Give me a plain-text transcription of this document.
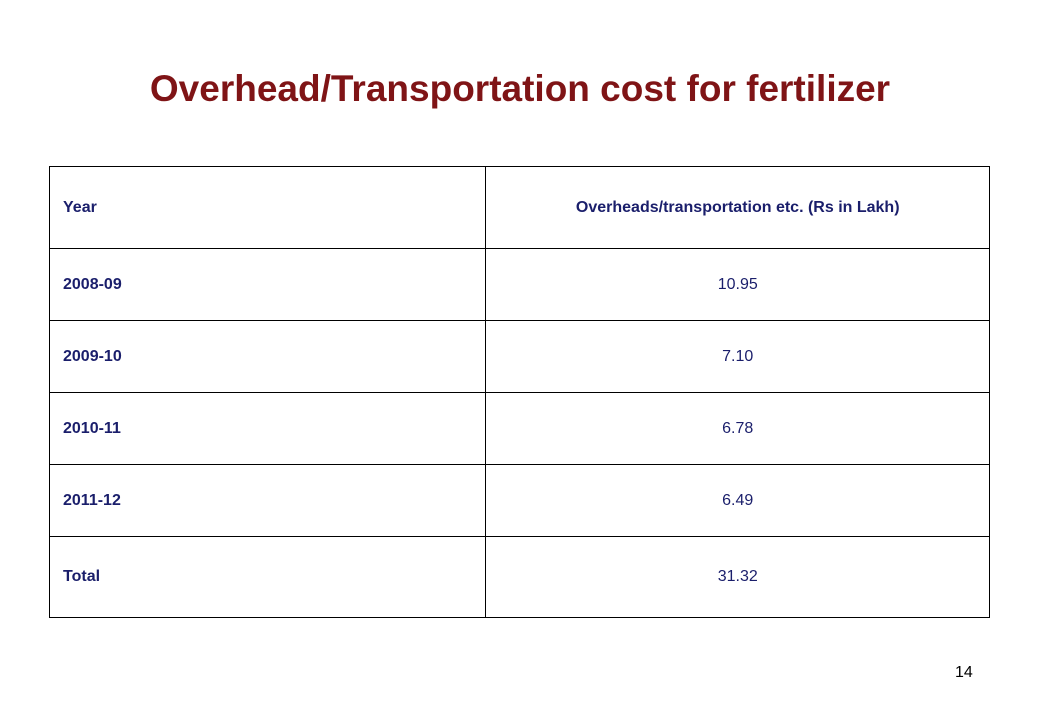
Overhead/Transportation cost for fertilizer
Year	Overheads/transportation etc. (Rs in Lakh)
2008-09	10.95
2009-10	7.10
2010-11	6.78
2011-12	6.49
Total	31.32
14
